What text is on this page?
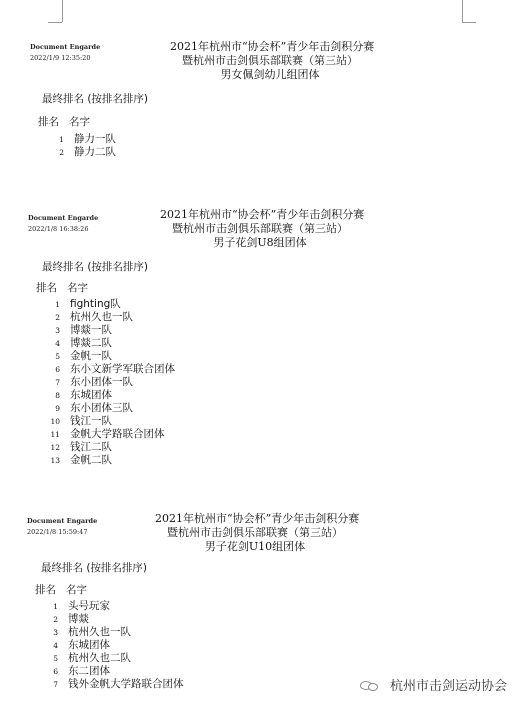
Document Engarde
2022/1/9 12:35:20
2021年杭州市“协会杯”青少年击剑积分赛
暨杭州市击剑俱乐部联赛（第三站）
男女佩剑幼儿组团体
最终排名 (按排名排序)
排名 名字
1 静力一队
2 静力二队
Document Engarde
2022/1/8 16:38:26
2021年杭州市“协会杯”青少年击剑积分赛
暨杭州市击剑俱乐部联赛（第三站）
男子花剑U8组团体
最终排名 (按排名排序)
排名 名字
1 fighting队
2 杭州久也一队
3 博燚一队
4 博燚二队
5 金帆一队
6 东小文新学军联合团体
7 东小团体一队
8 东城团体
9 东小团体三队
10 钱江一队
11 金帆大学路联合团体
12 钱江二队
13 金帆二队
Document Engarde
2022/1/8 15:59:47
2021年杭州市“协会杯”青少年击剑积分赛
暨杭州市击剑俱乐部联赛（第三站）
男子花剑U10组团体
最终排名 (按排名排序)
排名 名字
1 头号玩家
2 博燚
3 杭州久也一队
4 东城团体
5 杭州久也二队
6 东二团体
7 钱外金帆大学路联合团体	杭州市击剑运动协会
